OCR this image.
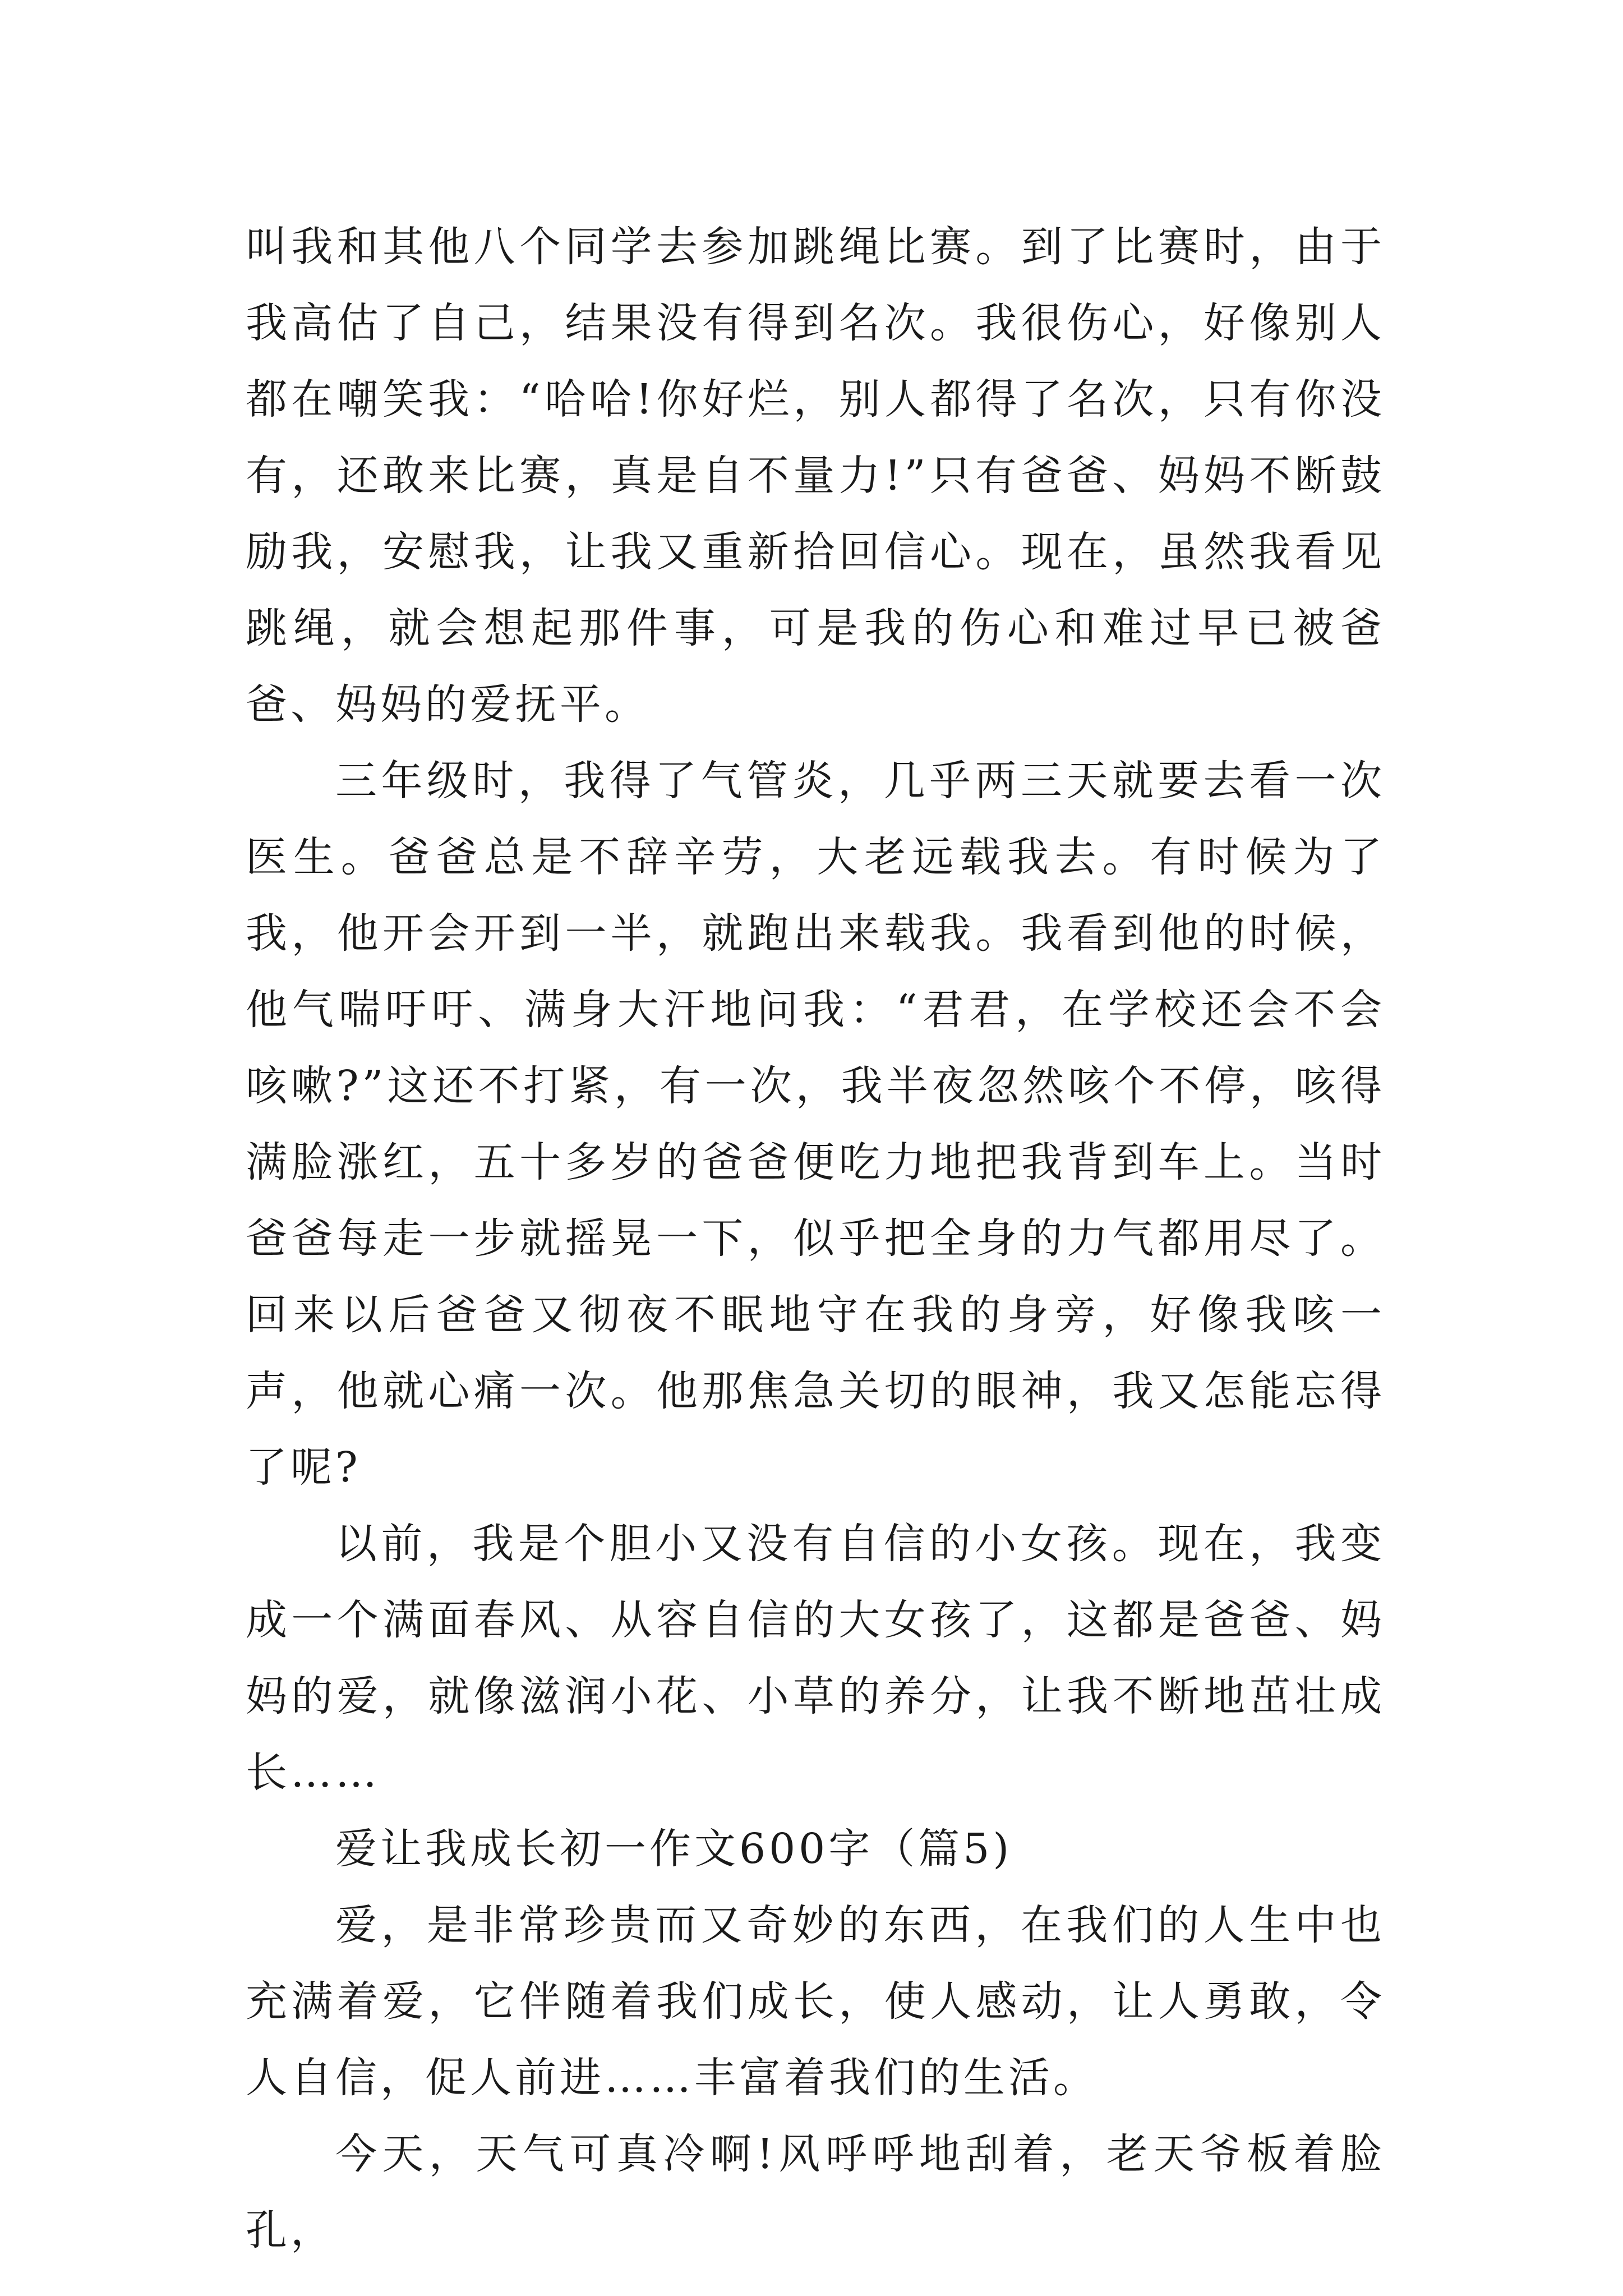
叫我和其他八个同学去参加跳绳比赛。到了比赛时，由于我高估了自己，结果没有得到名次。我很伤心，好像别人都在嘲笑我：“哈哈!你好烂，别人都得了名次，只有你没有，还敢来比赛，真是自不量力!”只有爸爸、妈妈不断鼓励我，安慰我，让我又重新拾回信心。现在，虽然我看见跳绳，就会想起那件事，可是我的伤心和难过早已被爸爸、妈妈的爱抚平。

三年级时，我得了气管炎，几乎两三天就要去看一次医生。爸爸总是不辞辛劳，大老远载我去。有时候为了我，他开会开到一半，就跑出来载我。我看到他的时候，他气喘吁吁、满身大汗地问我：“君君，在学校还会不会咳嗽?”这还不打紧，有一次，我半夜忽然咳个不停，咳得满脸涨红，五十多岁的爸爸便吃力地把我背到车上。当时爸爸每走一步就摇晃一下，似乎把全身的力气都用尽了。回来以后爸爸又彻夜不眠地守在我的身旁，好像我咳一声，他就心痛一次。他那焦急关切的眼神，我又怎能忘得了呢?

以前，我是个胆小又没有自信的小女孩。现在，我变成一个满面春风、从容自信的大女孩了，这都是爸爸、妈妈的爱，就像滋润小花、小草的养分，让我不断地茁壮成长……

爱让我成长初一作文600字（篇5)

爱，是非常珍贵而又奇妙的东西，在我们的人生中也充满着爱，它伴随着我们成长，使人感动，让人勇敢，令人自信，促人前进……丰富着我们的生活。

今天，天气可真冷啊!风呼呼地刮着，老天爷板着脸孔，
